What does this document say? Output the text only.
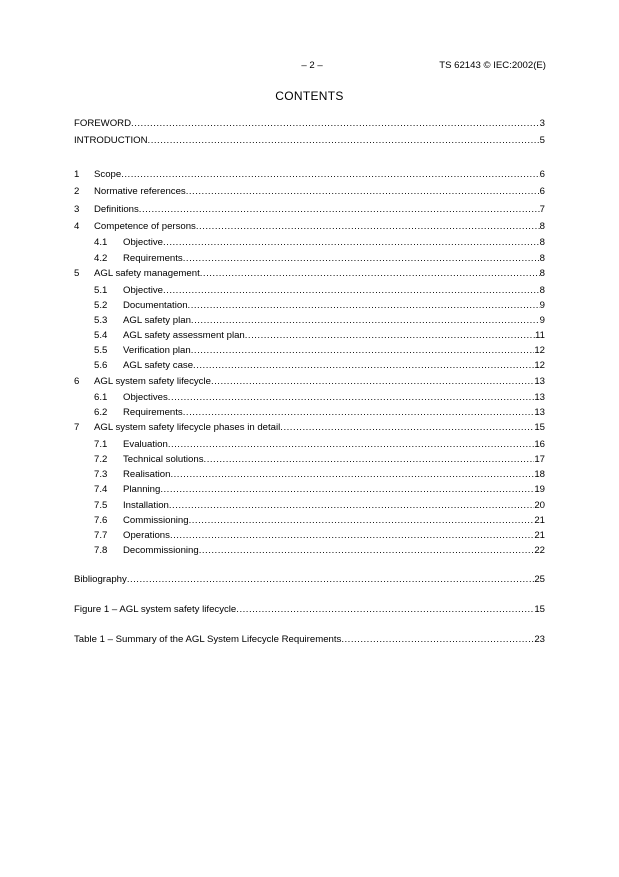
– 2 –	TS 62143 © IEC:2002(E)
CONTENTS
FOREWORD .....	3
INTRODUCTION .....	5
1 Scope .....	6
2 Normative references .....	6
3 Definitions .....	7
4 Competence of persons .....	8
4.1 Objective .....	8
4.2 Requirements .....	8
5 AGL safety management .....	8
5.1 Objective .....	8
5.2 Documentation .....	9
5.3 AGL safety plan .....	9
5.4 AGL safety assessment plan .....	11
5.5 Verification plan .....	12
5.6 AGL safety case .....	12
6 AGL system safety lifecycle .....	13
6.1 Objectives .....	13
6.2 Requirements .....	13
7 AGL system safety lifecycle phases in detail .....	15
7.1 Evaluation .....	16
7.2 Technical solutions .....	17
7.3 Realisation .....	18
7.4 Planning .....	19
7.5 Installation .....	20
7.6 Commissioning .....	21
7.7 Operations .....	21
7.8 Decommissioning .....	22
Bibliography .....	25
Figure 1 – AGL system safety lifecycle .....	15
Table 1 – Summary of the AGL System Lifecycle Requirements .....	23
